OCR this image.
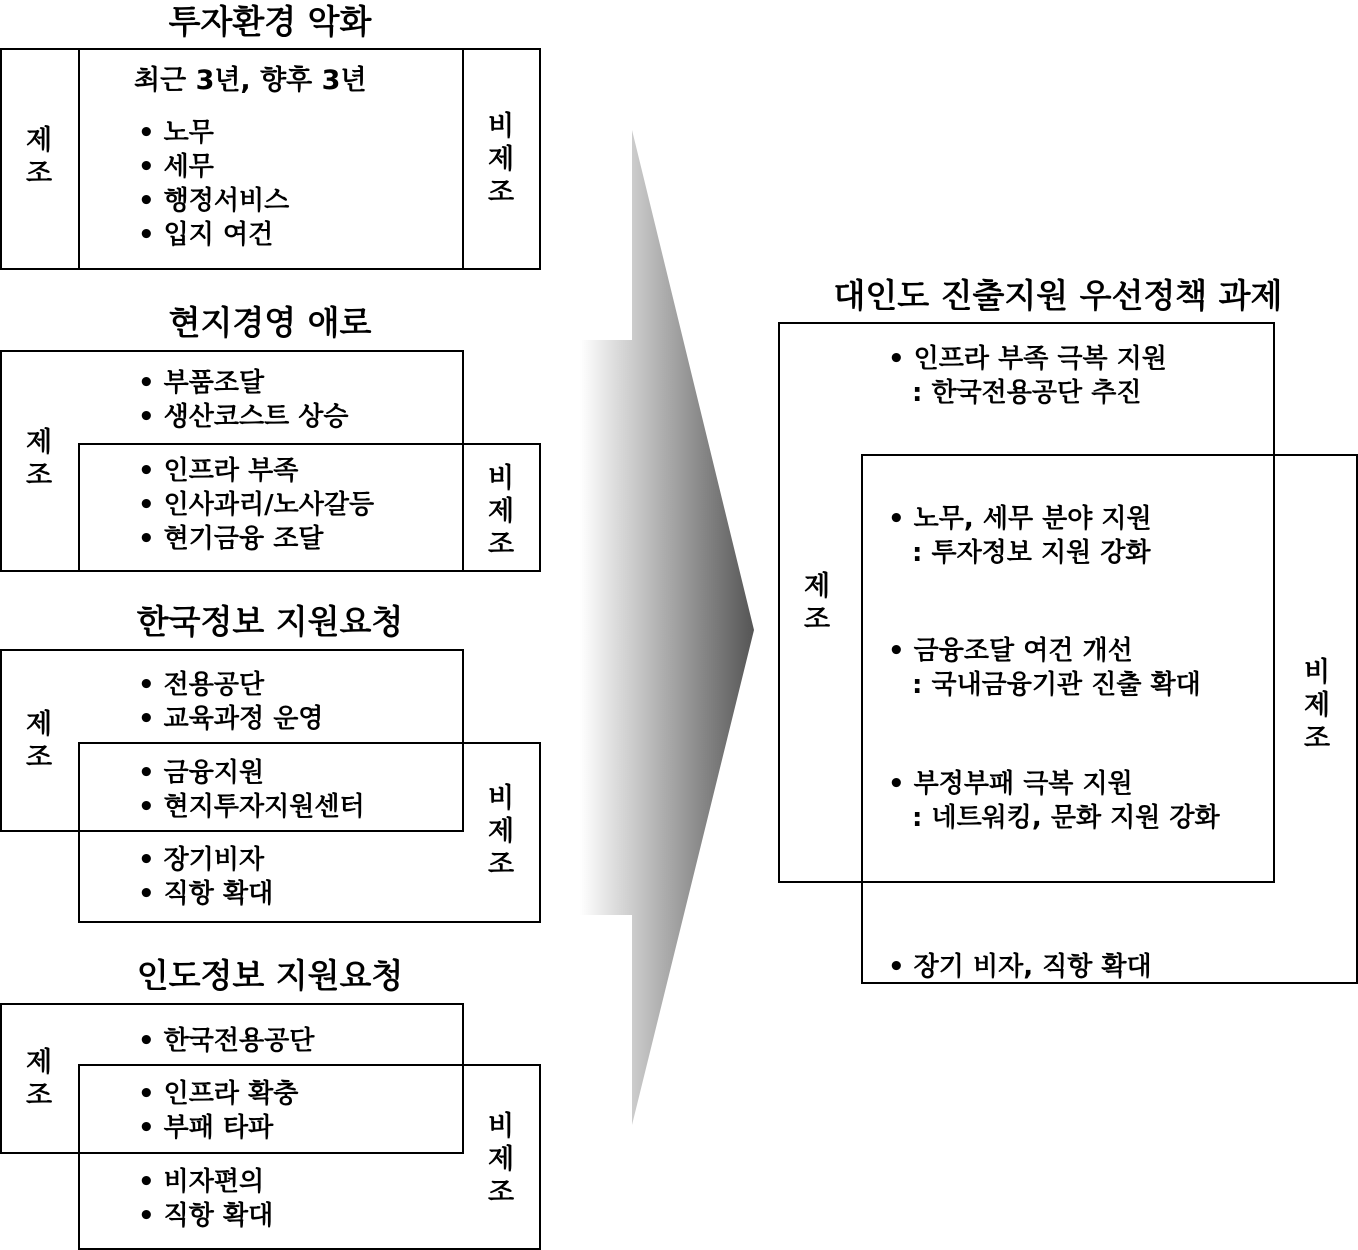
투자환경 악화
제
조
비
제
조
최근 3년, 향후 3년
• 노무
• 세무
• 행정서비스
• 입지 여건
현지경영 애로
제
조	비
제
조
• 부품조달
• 생산코스트 상승
• 인프라 부족
• 인사과리/노사갈등
• 현기금융 조달
한국정보 지원요청
제
조
비
제
조
• 전용공단
• 교육과정 운영
• 금융지원
• 현지투자지원센터
• 장기비자
• 직항 확대
인도정보 지원요청
제
조
비
제
조
• 한국전용공단
• 인프라 확충
• 부패 타파
• 비자편의
• 직항 확대
대인도 진출지원 우선정책 과제
제
조
비
제
조
• 인프라 부족 극복 지원
: 한국전용공단 추진
• 노무, 세무 분야 지원
: 투자정보 지원 강화
• 금융조달 여건 개선
: 국내금융기관 진출 확대
• 부정부패 극복 지원
: 네트워킹, 문화 지원 강화
• 장기 비자, 직항 확대
